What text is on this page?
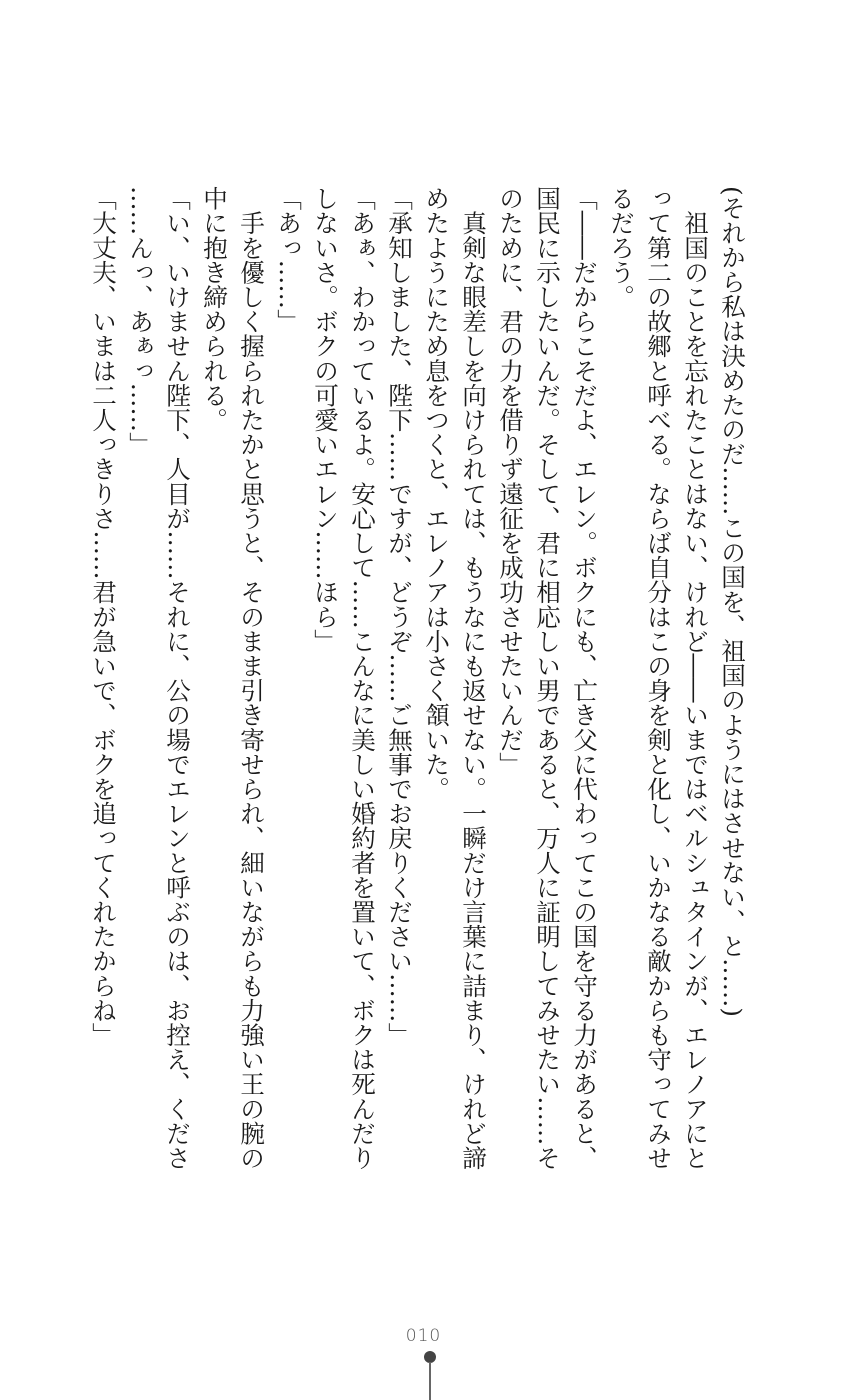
(それから私は決めたのだ……この国を、祖国のようにはさせない、と……)
　祖国のことを忘れたことはない、けれど――いまではベルシュタインが、エレノアにと
って第二の故郷と呼べる。ならば自分はこの身を剣と化し、いかなる敵からも守ってみせ
るだろう。
「――だからこそだよ、エレン。ボクにも、亡き父に代わってこの国を守る力があると、
国民に示したいんだ。そして、君に相応しい男であると、万人に証明してみせたい……そ
のために、君の力を借りず遠征を成功させたいんだ」
　真剣な眼差しを向けられては、もうなにも返せない。一瞬だけ言葉に詰まり、けれど諦
めたようにため息をつくと、エレノアは小さく頷いた。
「承知しました、陛下……ですが、どうぞ……ご無事でお戻りください……」
「あぁ、わかっているよ。安心して……こんなに美しい婚約者を置いて、ボクは死んだり
しないさ。ボクの可愛いエレン……ほら」
「あっ……」
　手を優しく握られたかと思うと、そのまま引き寄せられ、細いながらも力強い王の腕の
中に抱き締められる。
「い、いけません陛下、人目が……それに、公の場でエレンと呼ぶのは、お控え、くださ
……んっ、あぁっ……」
「大丈夫、いまは二人っきりさ……君が急いで、ボクを追ってくれたからね」
010
